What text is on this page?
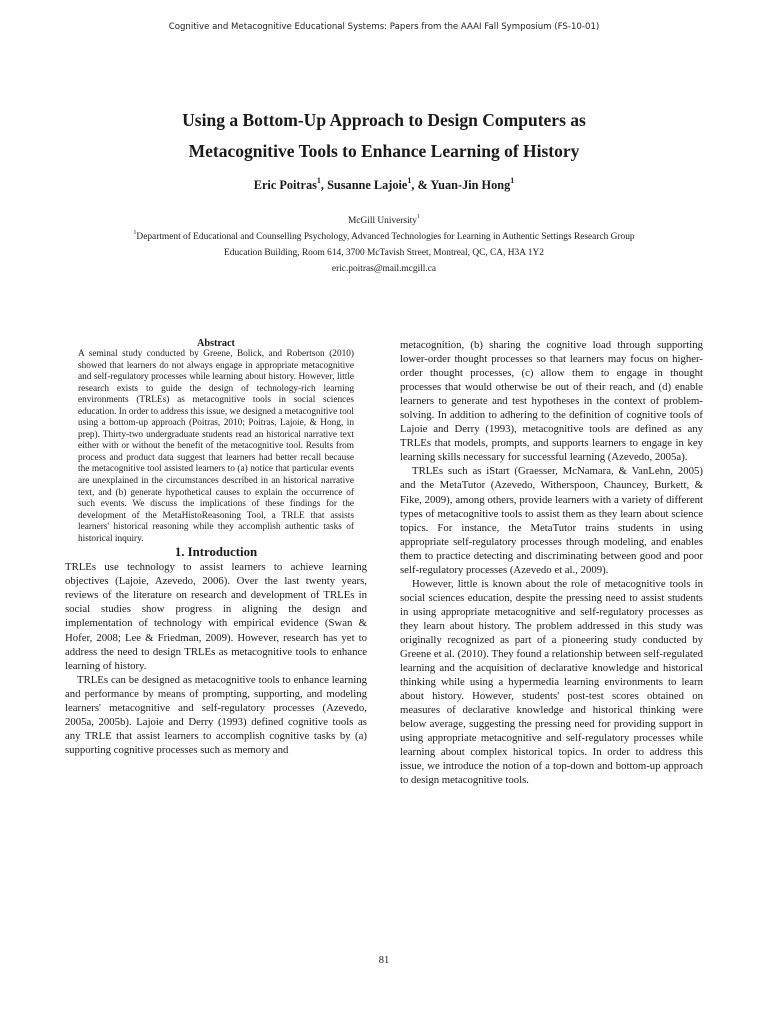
Cognitive and Metacognitive Educational Systems: Papers from the AAAI Fall Symposium (FS-10-01)
Using a Bottom-Up Approach to Design Computers as
Metacognitive Tools to Enhance Learning of History
Eric Poitras$^1$, Susanne Lajoie$^1$, & Yuan-Jin Hong$^1$
McGill University$^1$
$^1$Department of Educational and Counselling Psychology, Advanced Technologies for Learning in Authentic Settings Research Group
Education Building, Room 614, 3700 McTavish Street, Montreal, QC, CA, H3A 1Y2
eric.poitras@mail.mcgill.ca

Abstract

A seminal study conducted by Greene, Bolick, and Robertson (2010) showed that learners do not always engage in appropriate metacognitive and self-regulatory processes while learning about history. However, little research exists to guide the design of technology-rich learning environments (TRLEs) as metacognitive tools in social sciences education. In order to address this issue, we designed a metacognitive tool using a bottom-up approach (Poitras, 2010; Poitras, Lajoie, & Hong, in prep). Thirty-two undergraduate students read an historical narrative text either with or without the benefit of the metacognitive tool. Results from process and product data suggest that learners had better recall because the metacognitive tool assisted learners to (a) notice that particular events are unexplained in the circumstances described in an historical narrative text, and (b) generate hypothetical causes to explain the occurrence of such events. We discuss the implications of these findings for the development of the MetaHistoReasoning Tool, a TRLE that assists learners' historical reasoning while they accomplish authentic tasks of historical inquiry.

1. Introduction

TRLEs use technology to assist learners to achieve learning objectives (Lajoie, Azevedo, 2006). Over the last twenty years, reviews of the literature on research and development of TRLEs in social studies show progress in aligning the design and implementation of technology with empirical evidence (Swan & Hofer, 2008; Lee & Friedman, 2009). However, research has yet to address the need to design TRLEs as metacognitive tools to enhance learning of history.

TRLEs can be designed as metacognitive tools to enhance learning and performance by means of prompting, supporting, and modeling learners' metacognitive and self-regulatory processes (Azevedo, 2005a, 2005b). Lajoie and Derry (1993) defined cognitive tools as any TRLE that assist learners to accomplish cognitive tasks by (a) supporting cognitive processes such as memory and

metacognition, (b) sharing the cognitive load through supporting lower-order thought processes so that learners may focus on higher-order thought processes, (c) allow them to engage in thought processes that would otherwise be out of their reach, and (d) enable learners to generate and test hypotheses in the context of problem-solving. In addition to adhering to the definition of cognitive tools of Lajoie and Derry (1993), metacognitive tools are defined as any TRLEs that models, prompts, and supports learners to engage in key learning skills necessary for successful learning (Azevedo, 2005a).

TRLEs such as iStart (Graesser, McNamara, & VanLehn, 2005) and the MetaTutor (Azevedo, Witherspoon, Chauncey, Burkett, & Fike, 2009), among others, provide learners with a variety of different types of metacognitive tools to assist them as they learn about science topics. For instance, the MetaTutor trains students in using appropriate self-regulatory processes through modeling, and enables them to practice detecting and discriminating between good and poor self-regulatory processes (Azevedo et al., 2009).

However, little is known about the role of metacognitive tools in social sciences education, despite the pressing need to assist students in using appropriate metacognitive and self-regulatory processes as they learn about history. The problem addressed in this study was originally recognized as part of a pioneering study conducted by Greene et al. (2010). They found a relationship between self-regulated learning and the acquisition of declarative knowledge and historical thinking while using a hypermedia learning environments to learn about history. However, students' post-test scores obtained on measures of declarative knowledge and historical thinking were below average, suggesting the pressing need for providing support in using appropriate metacognitive and self-regulatory processes while learning about complex historical topics. In order to address this issue, we introduce the notion of a top-down and bottom-up approach to design metacognitive tools.

81
